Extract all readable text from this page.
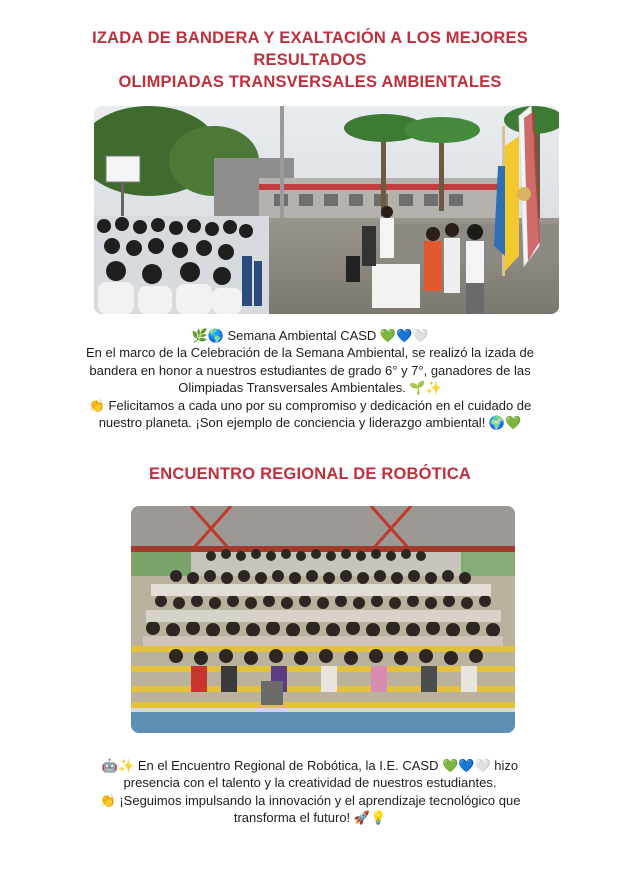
IZADA DE BANDERA Y EXALTACIÓN A LOS MEJORES
RESULTADOS
OLIMPIADAS TRANSVERSALES AMBIENTALES

🌿🌎 Semana Ambiental CASD 💚💙🤍
En el marco de la Celebración de la Semana Ambiental, se realizó la izada de
bandera en honor a nuestros estudiantes de grado 6° y 7°, ganadores de las
Olimpiadas Transversales Ambientales. 🌱✨
👏 Felicitamos a cada uno por su compromiso y dedicación en el cuidado de
nuestro planeta. ¡Son ejemplo de conciencia y liderazgo ambiental! 🌍💚

ENCUENTRO REGIONAL DE ROBÓTICA

🤖✨ En el Encuentro Regional de Robótica, la I.E. CASD 💚💙🤍 hizo
presencia con el talento y la creatividad de nuestros estudiantes.
👏 ¡Seguimos impulsando la innovación y el aprendizaje tecnológico que
transforma el futuro! 🚀💡
